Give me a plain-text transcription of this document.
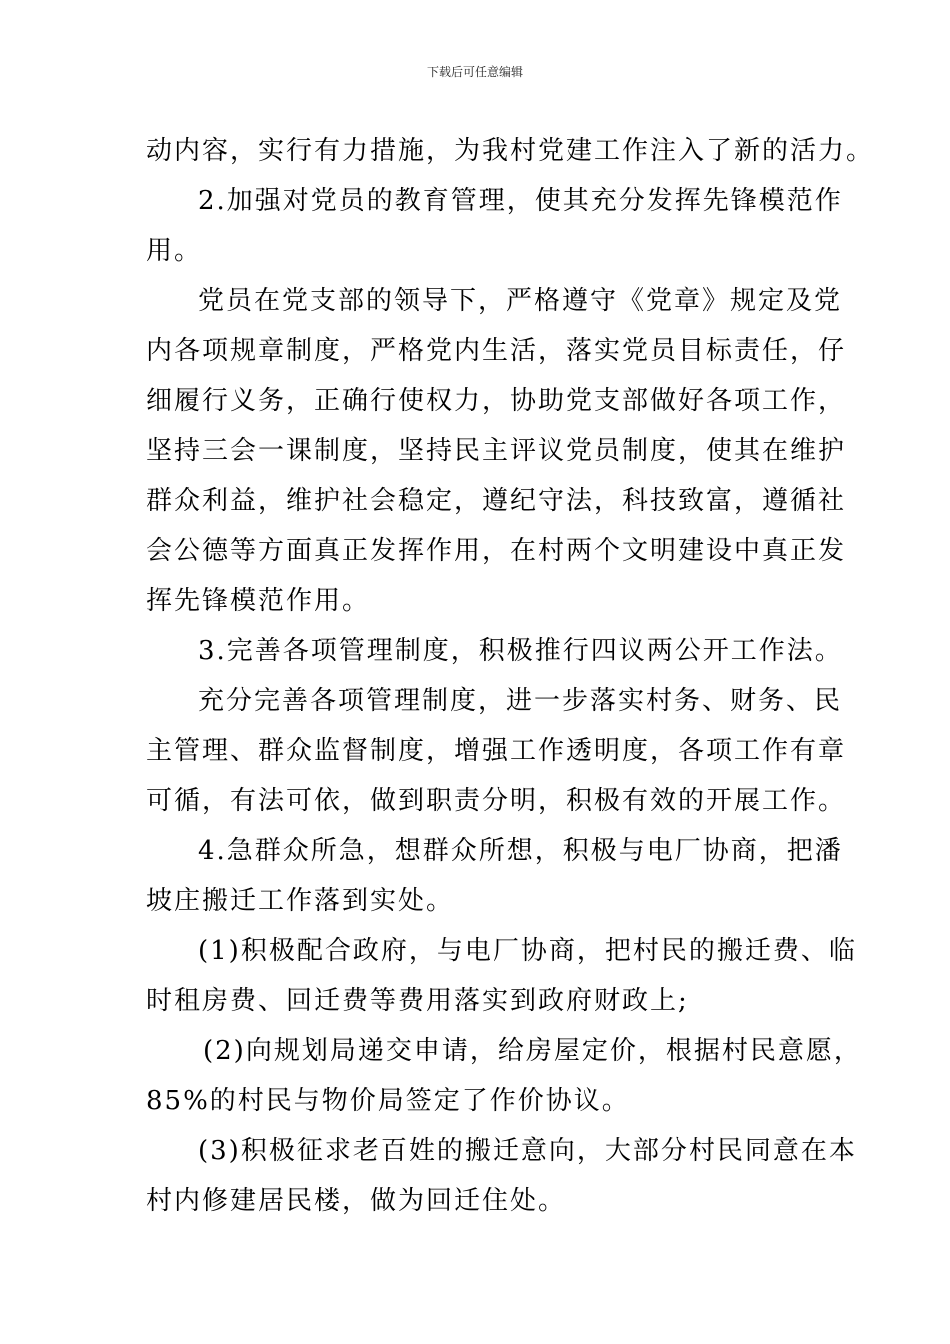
下载后可任意编辑
动内容，实行有力措施，为我村党建工作注入了新的活力。
2.加强对党员的教育管理，使其充分发挥先锋模范作
用。
党员在党支部的领导下，严格遵守《党章》规定及党
内各项规章制度，严格党内生活，落实党员目标责任，仔
细履行义务，正确行使权力，协助党支部做好各项工作，
坚持三会一课制度，坚持民主评议党员制度，使其在维护
群众利益，维护社会稳定，遵纪守法，科技致富，遵循社
会公德等方面真正发挥作用，在村两个文明建设中真正发
挥先锋模范作用。
3.完善各项管理制度，积极推行四议两公开工作法。
充分完善各项管理制度，进一步落实村务、财务、民
主管理、群众监督制度，增强工作透明度，各项工作有章
可循，有法可依，做到职责分明，积极有效的开展工作。
4.急群众所急，想群众所想，积极与电厂协商，把潘
坡庄搬迁工作落到实处。
(1)积极配合政府，与电厂协商，把村民的搬迁费、临
时租房费、回迁费等费用落实到政府财政上;
(2)向规划局递交申请，给房屋定价，根据村民意愿，
85%的村民与物价局签定了作价协议。
(3)积极征求老百姓的搬迁意向，大部分村民同意在本
村内修建居民楼，做为回迁住处。
